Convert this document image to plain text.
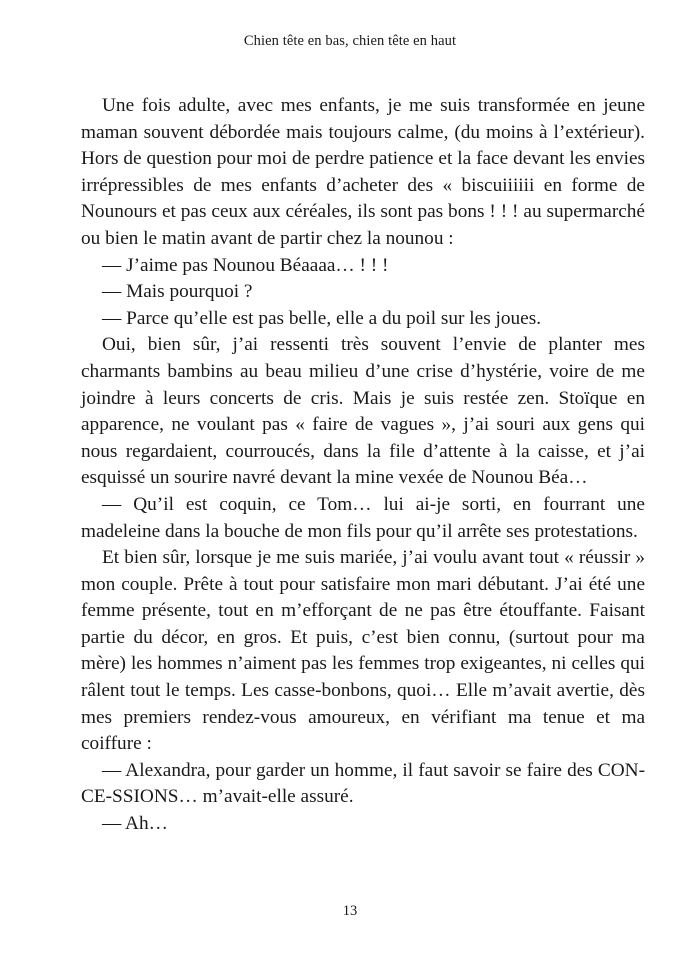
Chien tête en bas, chien tête en haut

Une fois adulte, avec mes enfants, je me suis transformée en jeune maman souvent débordée mais toujours calme, (du moins à l’extérieur). Hors de question pour moi de perdre patience et la face devant les envies irrépressibles de mes enfants d’acheter des « biscuiiiiii en forme de Nounours et pas ceux aux céréales, ils sont pas bons ! ! ! au supermarché ou bien le matin avant de partir chez la nounou :

— J’aime pas Nounou Béaaaa… ! ! !

— Mais pourquoi ?

— Parce qu’elle est pas belle, elle a du poil sur les joues.

Oui, bien sûr, j’ai ressenti très souvent l’envie de planter mes charmants bambins au beau milieu d’une crise d’hystérie, voire de me joindre à leurs concerts de cris. Mais je suis restée zen. Stoïque en apparence, ne voulant pas « faire de vagues », j’ai souri aux gens qui nous regardaient, courroucés, dans la file d’attente à la caisse, et j’ai esquissé un sourire navré devant la mine vexée de Nounou Béa…

— Qu’il est coquin, ce Tom… lui ai-je sorti, en fourrant une madeleine dans la bouche de mon fils pour qu’il arrête ses protestations.

Et bien sûr, lorsque je me suis mariée, j’ai voulu avant tout « réussir » mon couple. Prête à tout pour satisfaire mon mari débutant. J’ai été une femme présente, tout en m’efforçant de ne pas être étouffante. Faisant partie du décor, en gros. Et puis, c’est bien connu, (surtout pour ma mère) les hommes n’aiment pas les femmes trop exigeantes, ni celles qui râlent tout le temps. Les casse-bonbons, quoi… Elle m’avait avertie, dès mes premiers rendez-vous amoureux, en vérifiant ma tenue et ma coiffure :

— Alexandra, pour garder un homme, il faut savoir se faire des CON-CE-SSIONS… m’avait-elle assuré.

— Ah…

13
